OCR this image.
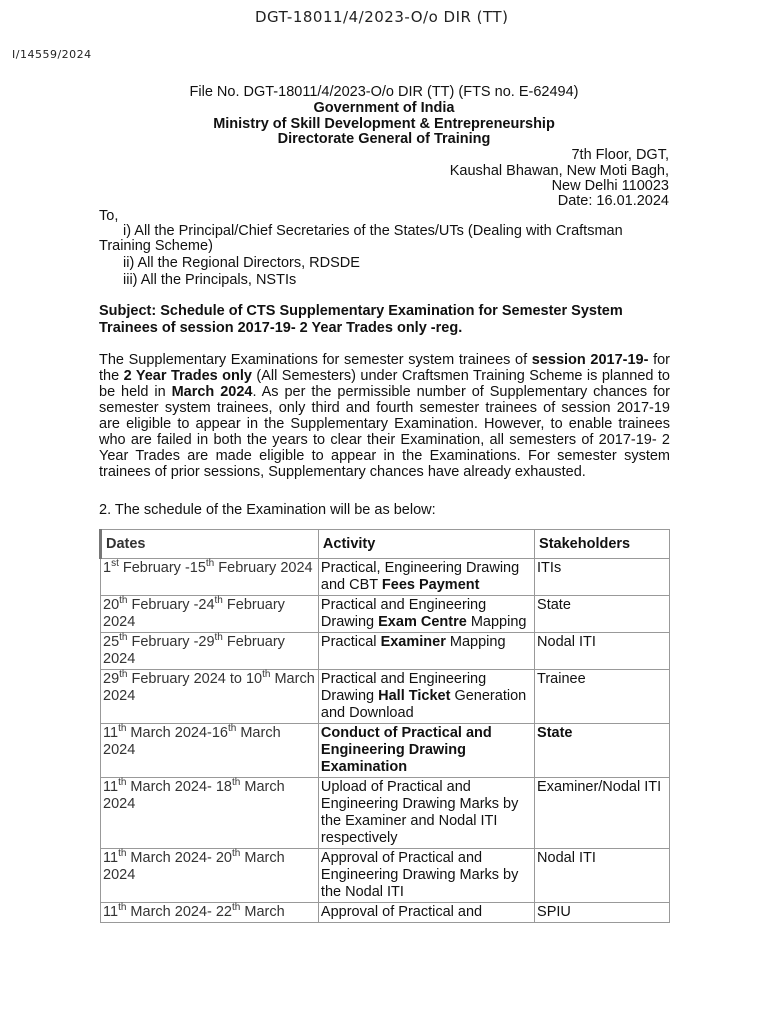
DGT-18011/4/2023-O/o DIR (TT)
I/14559/2024
File No. DGT-18011/4/2023-O/o DIR (TT) (FTS no. E-62494)
Government of India
Ministry of Skill Development & Entrepreneurship
Directorate General of Training
7th Floor, DGT,
Kaushal Bhawan, New Moti Bagh,
New Delhi 110023
Date: 16.01.2024
To,
i) All the Principal/Chief Secretaries of the States/UTs (Dealing with Craftsman
Training Scheme)
ii) All the Regional Directors, RDSDE
iii) All the Principals, NSTIs
Subject: Schedule of CTS Supplementary Examination for Semester System
Trainees of session 2017-19- 2 Year Trades only -reg.
The Supplementary Examinations for semester system trainees of session 2017-19- for the 2 Year Trades only (All Semesters) under Craftsmen Training Scheme is planned to be held in March 2024. As per the permissible number of Supplementary chances for semester system trainees, only third and fourth semester trainees of session 2017-19 are eligible to appear in the Supplementary Examination. However, to enable trainees who are failed in both the years to clear their Examination, all semesters of 2017-19- 2 Year Trades are made eligible to appear in the Examinations. For semester system trainees of prior sessions, Supplementary chances have already exhausted.
2. The schedule of the Examination will be as below:
Dates	Activity	Stakeholders
1st February -15th February 2024	Practical, Engineering Drawing and CBT Fees Payment	ITIs
20th February -24th February 2024	Practical and Engineering Drawing Exam Centre Mapping	State
25th February -29th February 2024	Practical Examiner Mapping	Nodal ITI
29th February 2024 to 10th March 2024	Practical and Engineering Drawing Hall Ticket Generation and Download	Trainee
11th March 2024-16th March 2024	Conduct of Practical and Engineering Drawing Examination	State
11th March 2024- 18th March 2024	Upload of Practical and Engineering Drawing Marks by the Examiner and Nodal ITI respectively	Examiner/Nodal ITI
11th March 2024- 20th March 2024	Approval of Practical and Engineering Drawing Marks by the Nodal ITI	Nodal ITI
11th March 2024- 22th March	Approval of Practical and	SPIU
